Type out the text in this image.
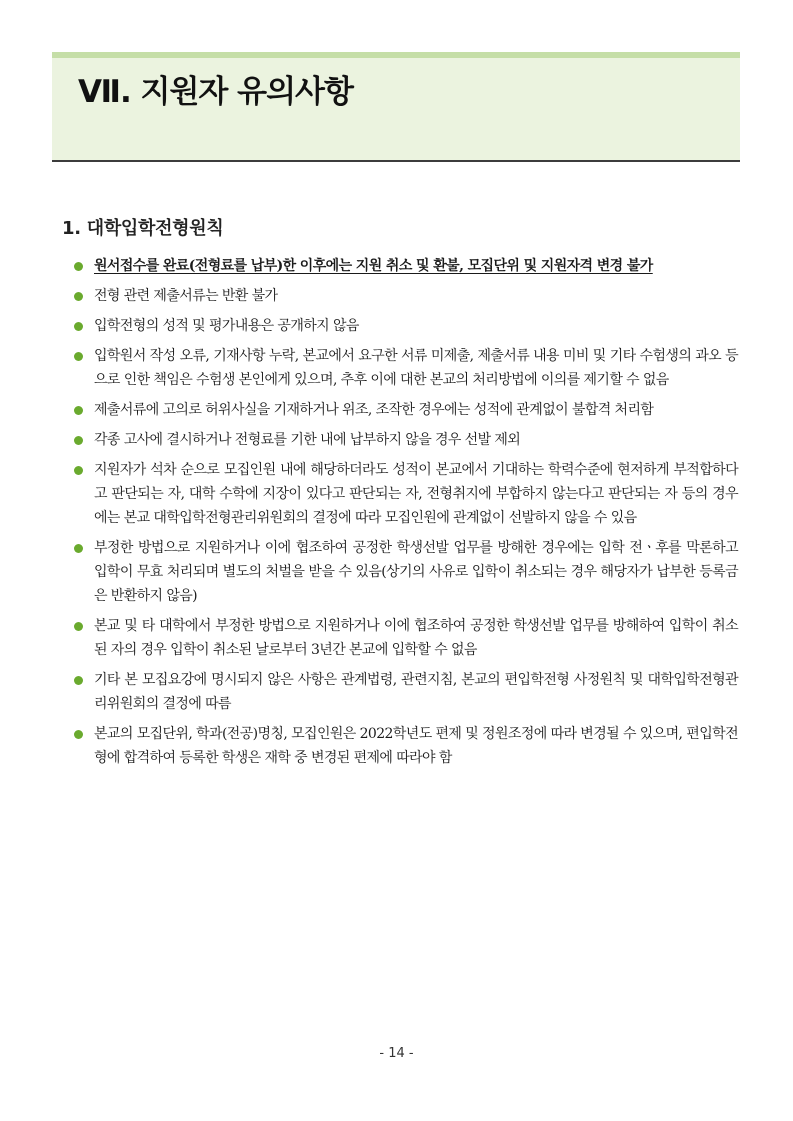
Ⅶ. 지원자 유의사항
1. 대학입학전형원칙
원서접수를 완료(전형료를 납부)한 이후에는 지원 취소 및 환불, 모집단위 및 지원자격 변경 불가
전형 관련 제출서류는 반환 불가
입학전형의 성적 및 평가내용은 공개하지 않음
입학원서 작성 오류, 기재사항 누락, 본교에서 요구한 서류 미제출, 제출서류 내용 미비 및 기타 수험생의 과오 등으로 인한 책임은 수험생 본인에게 있으며, 추후 이에 대한 본교의 처리방법에 이의를 제기할 수 없음
제출서류에 고의로 허위사실을 기재하거나 위조, 조작한 경우에는 성적에 관계없이 불합격 처리함
각종 고사에 결시하거나 전형료를 기한 내에 납부하지 않을 경우 선발 제외
지원자가 석차 순으로 모집인원 내에 해당하더라도 성적이 본교에서 기대하는 학력수준에 현저하게 부적합하다고 판단되는 자, 대학 수학에 지장이 있다고 판단되는 자, 전형취지에 부합하지 않는다고 판단되는 자 등의 경우에는 본교 대학입학전형관리위원회의 결정에 따라 모집인원에 관계없이 선발하지 않을 수 있음
부정한 방법으로 지원하거나 이에 협조하여 공정한 학생선발 업무를 방해한 경우에는 입학 전ㆍ후를 막론하고 입학이 무효 처리되며 별도의 처벌을 받을 수 있음(상기의 사유로 입학이 취소되는 경우 해당자가 납부한 등록금은 반환하지 않음)
본교 및 타 대학에서 부정한 방법으로 지원하거나 이에 협조하여 공정한 학생선발 업무를 방해하여 입학이 취소된 자의 경우 입학이 취소된 날로부터 3년간 본교에 입학할 수 없음
기타 본 모집요강에 명시되지 않은 사항은 관계법령, 관련지침, 본교의 편입학전형 사정원칙 및 대학입학전형관리위원회의 결정에 따름
본교의 모집단위, 학과(전공)명칭, 모집인원은 2022학년도 편제 및 정원조정에 따라 변경될 수 있으며, 편입학전형에 합격하여 등록한 학생은 재학 중 변경된 편제에 따라야 함
- 14 -
